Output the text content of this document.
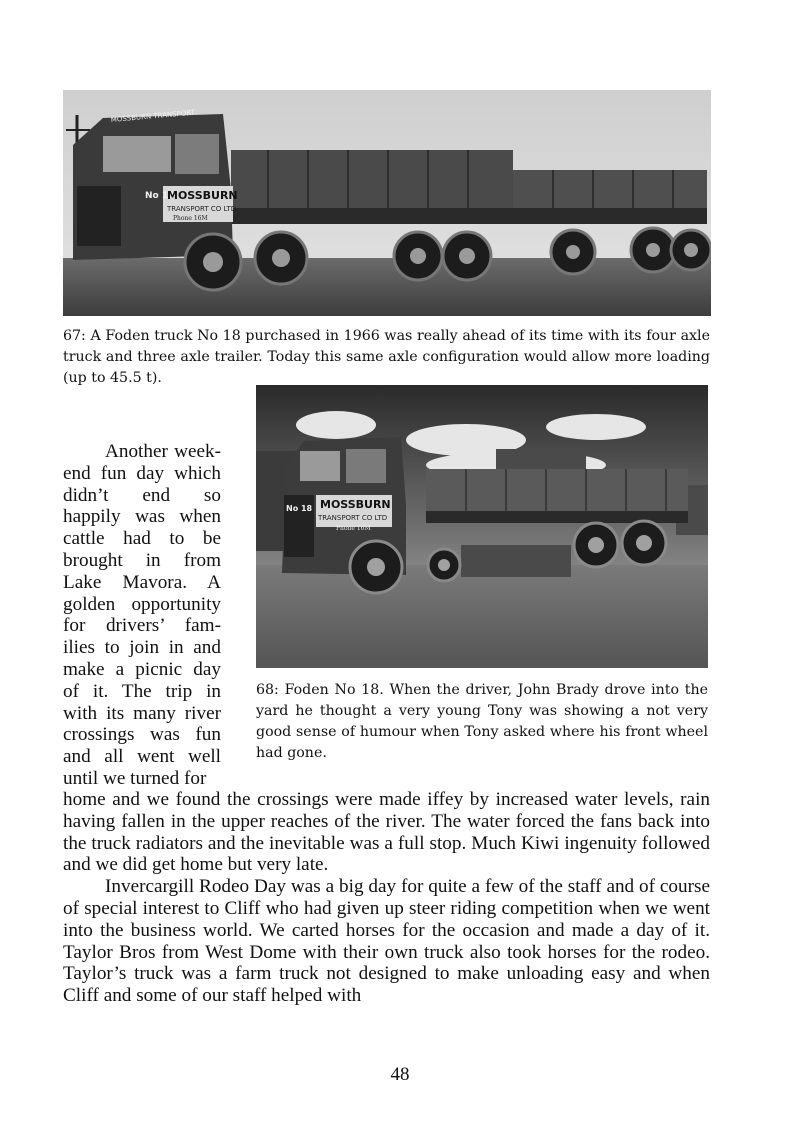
MOSSBURN TRANSPORT
No 18
MOSSBURN
TRANSPORT CO LTD
Phone 16M
67: A Foden truck No 18 purchased in 1966 was really ahead of its time with its four axle truck and three axle trailer. Today this same axle configuration would allow more loading (up to 45.5 t).
No 18 MOSSBURN
TRANSPORT CO LTD
Phone 16M
68: Foden No 18. When the driver, John Brady drove into the yard he thought a very young Tony was showing a not very good sense of humour when Tony asked where his front wheel had gone.

Another week-end fun day which didn’t end so happily was when cattle had to be brought in from Lake Mavora. A golden opportunity for drivers’ fam-ilies to join in and make a picnic day of it. The trip in with its many river crossings was fun and all went well until we turned for

home and we found the crossings were made iffey by increased water levels, rain having fallen in the upper reaches of the river. The water forced the fans back into the truck radiators and the inevitable was a full stop. Much Kiwi ingenuity followed and we did get home but very late.

Invercargill Rodeo Day was a big day for quite a few of the staff and of course of special interest to Cliff who had given up steer riding competition when we went into the business world. We carted horses for the occasion and made a day of it. Taylor Bros from West Dome with their own truck also took horses for the rodeo. Taylor’s truck was a farm truck not designed to make unloading easy and when Cliff and some of our staff helped with

48
